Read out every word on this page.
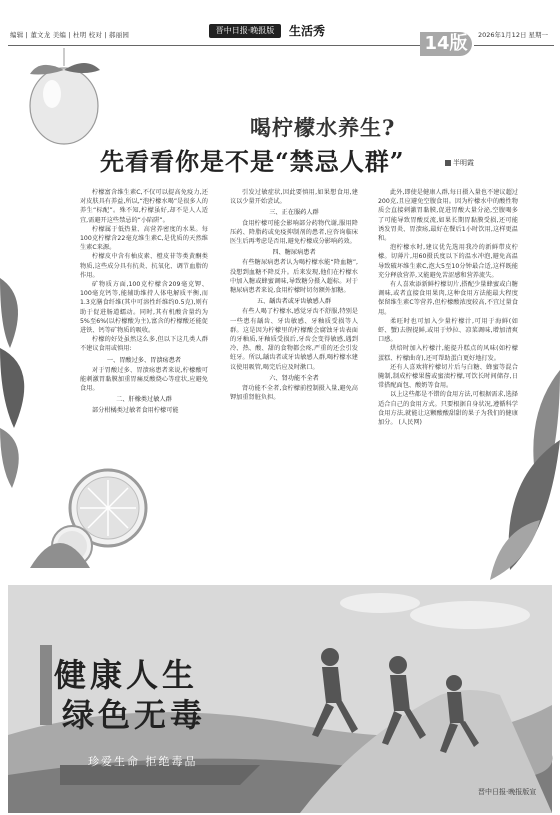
编辑 | 董文龙 美编 | 杜明 校对 | 郝丽园	晋中日报·晚报版	生活秀
14版	2026年1月12日 星期一
喝柠檬水养生?
先看看你是不是“禁忌人群”	半明霞

柠檬富含维生素C,不仅可以提高免疫力,还对皮肤具有养益,所以,“泡柠檬水喝”是很多人的养生“标配”。殊不知,柠檬虽好,却不是人人适宜,需避开这些禁忌的“小陷阱”。

柠檬属于低热量、高营养密度的水果。每100克柠檬含22毫克维生素C,是优质的天然维生素C来源。

柠檬皮中含有柚皮素、橙皮苷等类黄酮类物质,这些成分具有抗炎、抗氧化、调节血脂的作用。

矿物质方面,100克柠檬含209毫克钾、100毫克钙等,能辅助维持人体电解质平衡,而1.3克膳食纤维(其中可溶性纤维约0.5克),则有助于促进肠道蠕动。同时,其有机酸含量约为5%至6%(以柠檬酸为主),富含的柠檬酸还能促进铁、钙等矿物质的吸收。

柠檬的好处虽然这么多,但以下这几类人群不建议食用或慎用:

一、胃酸过多、胃溃疡患者

对于胃酸过多、胃溃疡患者来说,柠檬酸可能刺激胃黏膜加重胃痛反酸烧心等症状,应避免食用。

二、肝橡类过敏人群

部分柑橘类过敏者食用柠檬可能

引发过敏症状,因此要慎用,如果想食用,建议以少量开始尝试。

三、正在服药人群

食用柠檬可能会影响部分药物代谢,服用降压药、降脂药或免疫抑制剂的患者,应咨询临床医生后再考虑是否用,避免柠檬成分影响药效。

四、糖尿病患者

有些糖尿病患者认为喝柠檬水能“降血糖”,没想到血糖不降反升。后来发现,他们在柠檬水中加入糖或蜂蜜调味,导致糖分摄入超标。对于糖尿病患者来说,食用柠檬时切勿额外加糖。

五、龋齿者或牙齿敏感人群

有些人喝了柠檬水,感觉牙齿不舒服,特别是一些患有龋齿、牙齿敏感、牙釉质受损等人群。这是因为柠檬里的柠檬酸会腐蚀牙齿表面的牙釉质,牙釉质受损后,牙齿会变得敏感,遇到冷、热、酸、甜的食物都会疼,严重的还会引发蛀牙。所以,龋齿者或牙齿敏感人群,喝柠檬水建议使用吸管,喝完后应及时漱口。

六、肾功能不全者

肾功能不全者,食柠檬前控制摄入量,避免高钾加重肾脏负担。

此外,即使是健康人群,每日摄入量也不建议超过200克,且应避免空腹食用。因为柠檬水中的酸性物质会直接刺激胃黏膜,促进胃酸大量分泌,空腹喝多了可能导致胃酸反流,如果长期胃黏膜受损,还可能诱发胃炎、胃溃疡,最好在餐后1小时饮用,这样更温和。

泡柠檬水时,建议优先选用我冷的新鲜带皮柠檬。切薄片,用60摄氏度以下的温水冲泡,避免高温导致破坏维生素C,泡大5至10分钟最合适,这样既能充分释放营养,又能避免苦涩感和营养流失。

有人喜欢添新鲜柠檬切片,搭配少量蜂蜜或白糖调味,或者直接食用果肉,这种食用方法能最大程度保留维生素C等营养,但柠檬酸浓度较高,不宜过量食用。

柔旺时也可加入少量柠檬汁,可用于海鲜(如虾、蟹)去腥提鲜,或用于炒拉、凉菜调味,增加清爽口感。

烘焙时加入柠檬汁,能提升糕点的风味(如柠檬蛋糕、柠檬曲奇),还可帮助蛋白更好地打发。

还有人喜欢将柠檬切片后与白糖、蜂蜜等混合腌制,制成柠檬果酱或蜜渍柠檬,可饮长时间储存,日常搭配面包、酸奶等食用。

以上这些都是不错的食用方法,可根据需求,选择适合自己的食用方式。只要根据自身状况,遵循科学食用方法,就能让这颗酸酸甜甜的果子为我们的健康加分。 (人民网)

健康人生
绿色无毒
珍爱生命 拒绝毒品
晋中日报·晚报版宣
